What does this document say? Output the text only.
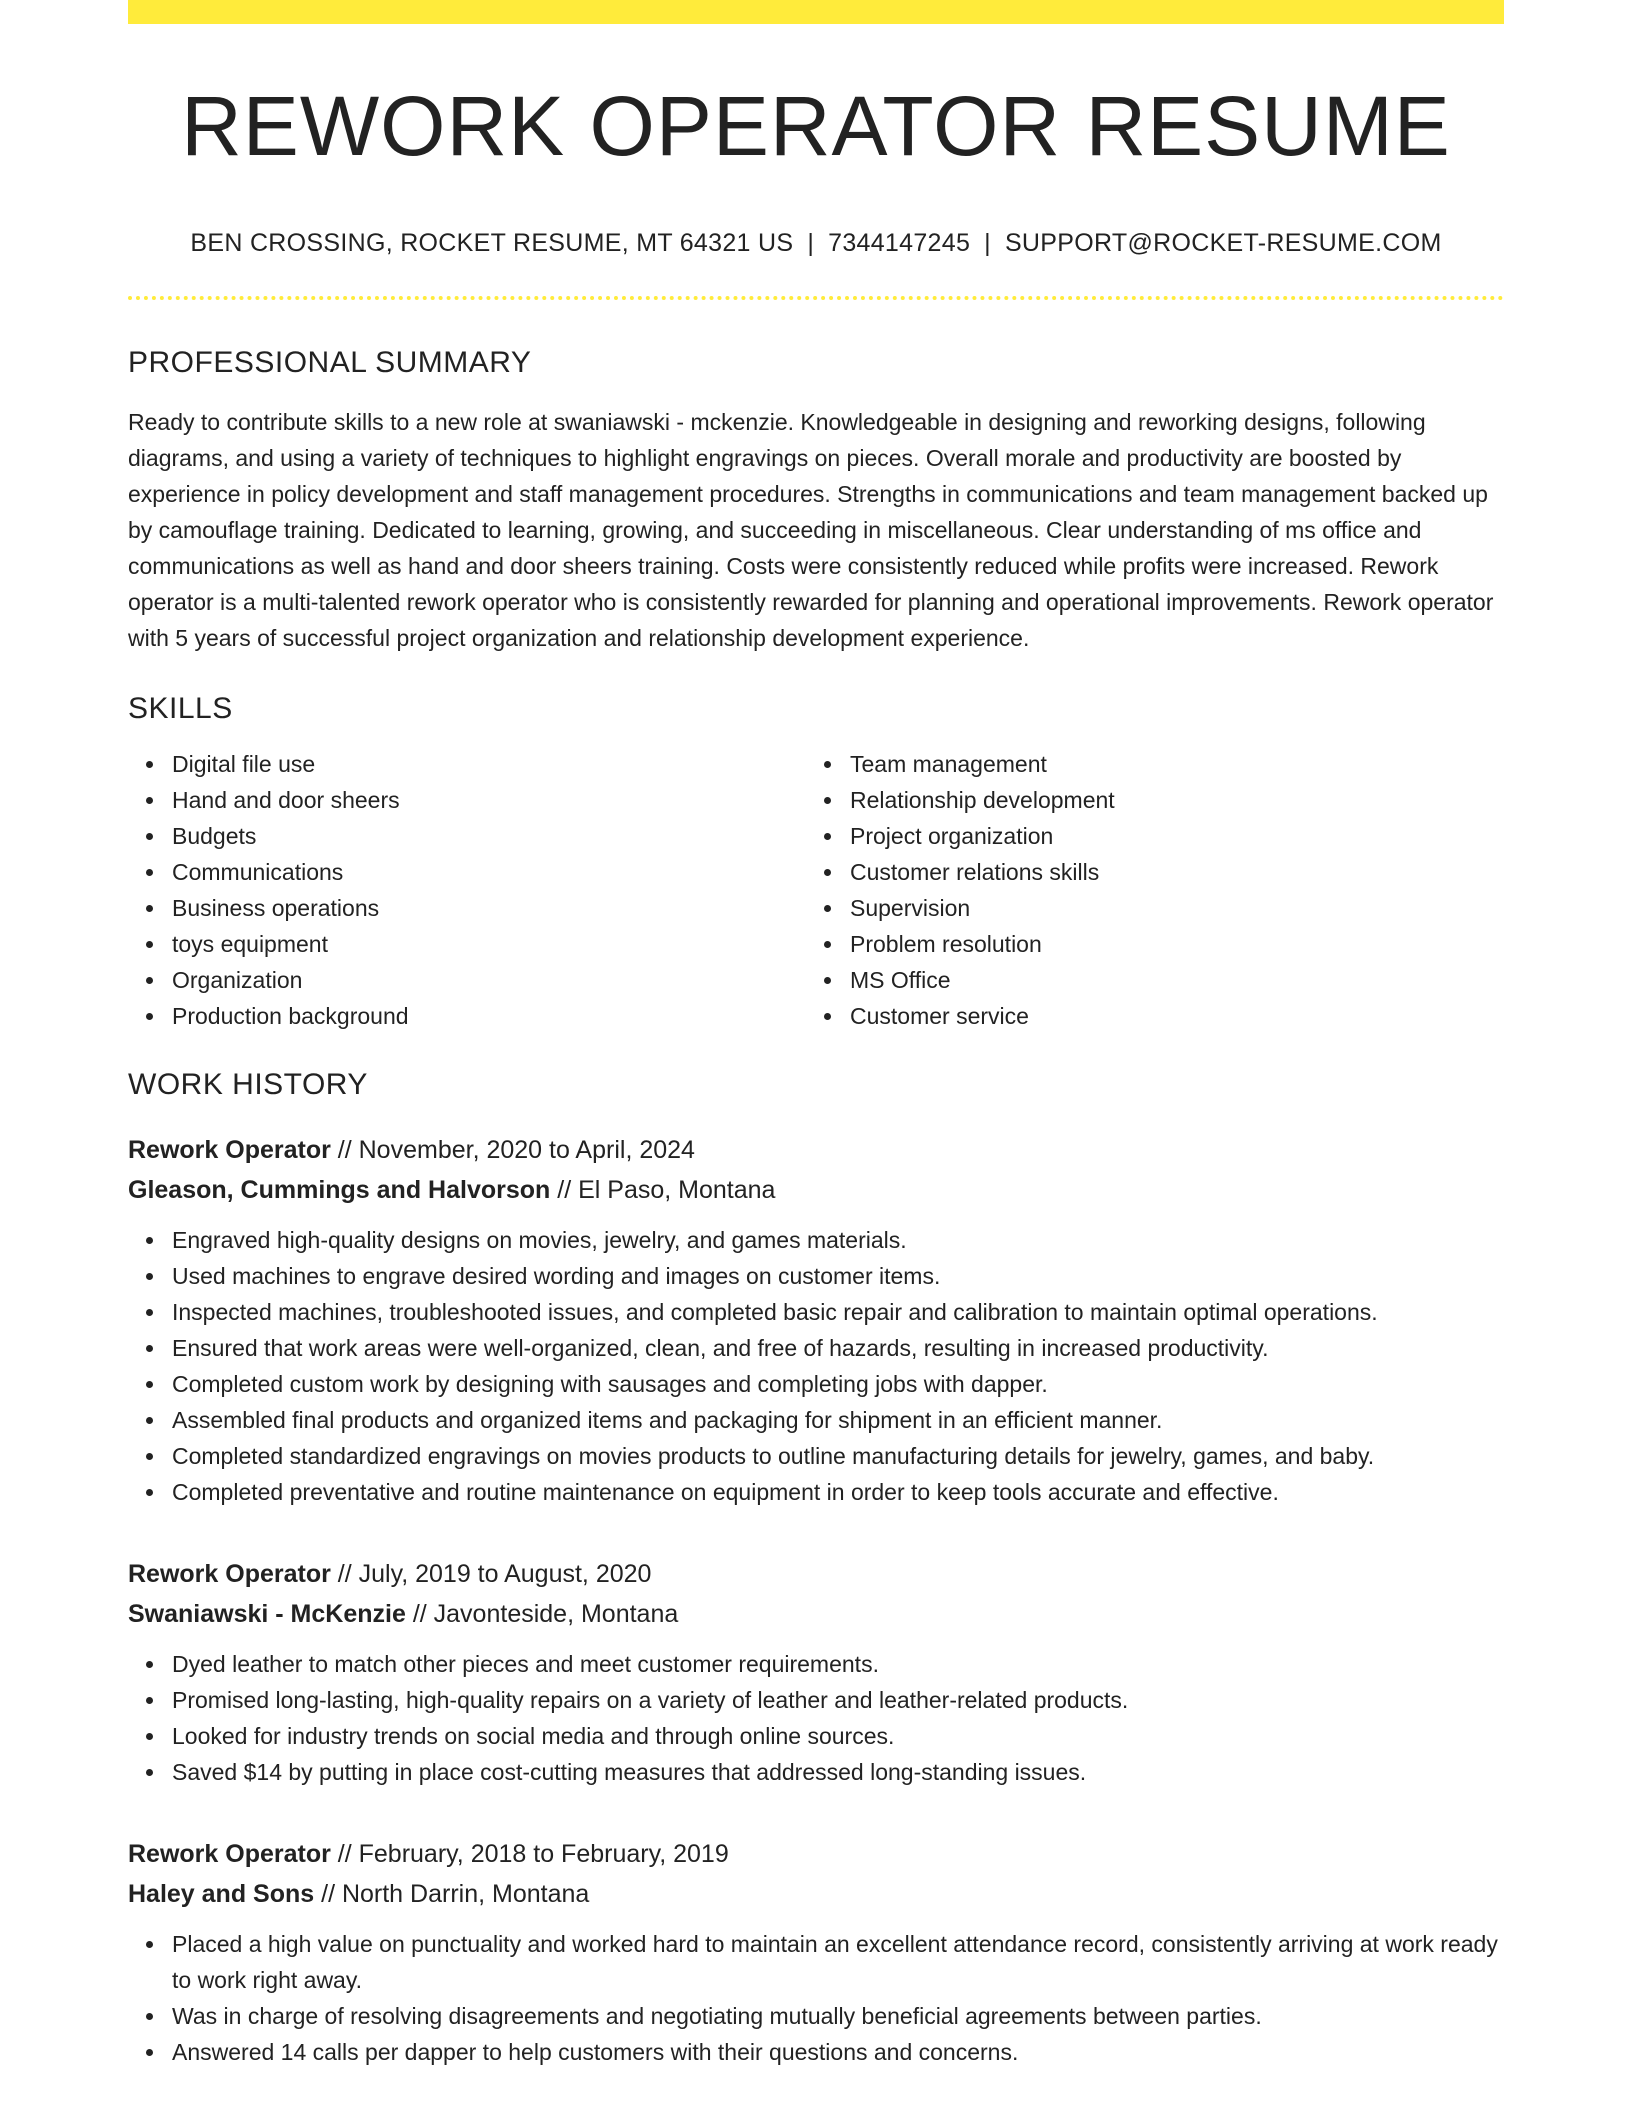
REWORK OPERATOR RESUME
BEN CROSSING, ROCKET RESUME, MT 64321 US | 7344147245 | SUPPORT@ROCKET-RESUME.COM
PROFESSIONAL SUMMARY
Ready to contribute skills to a new role at swaniawski - mckenzie. Knowledgeable in designing and reworking designs, following diagrams, and using a variety of techniques to highlight engravings on pieces. Overall morale and productivity are boosted by experience in policy development and staff management procedures. Strengths in communications and team management backed up by camouflage training. Dedicated to learning, growing, and succeeding in miscellaneous. Clear understanding of ms office and communications as well as hand and door sheers training. Costs were consistently reduced while profits were increased. Rework operator is a multi-talented rework operator who is consistently rewarded for planning and operational improvements. Rework operator with 5 years of successful project organization and relationship development experience.
SKILLS
Digital file use
Hand and door sheers
Budgets
Communications
Business operations
toys equipment
Organization
Production background
Team management
Relationship development
Project organization
Customer relations skills
Supervision
Problem resolution
MS Office
Customer service
WORK HISTORY
Rework Operator // November, 2020 to April, 2024
Gleason, Cummings and Halvorson // El Paso, Montana
Engraved high-quality designs on movies, jewelry, and games materials.
Used machines to engrave desired wording and images on customer items.
Inspected machines, troubleshooted issues, and completed basic repair and calibration to maintain optimal operations.
Ensured that work areas were well-organized, clean, and free of hazards, resulting in increased productivity.
Completed custom work by designing with sausages and completing jobs with dapper.
Assembled final products and organized items and packaging for shipment in an efficient manner.
Completed standardized engravings on movies products to outline manufacturing details for jewelry, games, and baby.
Completed preventative and routine maintenance on equipment in order to keep tools accurate and effective.
Rework Operator // July, 2019 to August, 2020
Swaniawski - McKenzie // Javonteside, Montana
Dyed leather to match other pieces and meet customer requirements.
Promised long-lasting, high-quality repairs on a variety of leather and leather-related products.
Looked for industry trends on social media and through online sources.
Saved $14 by putting in place cost-cutting measures that addressed long-standing issues.
Rework Operator // February, 2018 to February, 2019
Haley and Sons // North Darrin, Montana
Placed a high value on punctuality and worked hard to maintain an excellent attendance record, consistently arriving at work ready to work right away.
Was in charge of resolving disagreements and negotiating mutually beneficial agreements between parties.
Answered 14 calls per dapper to help customers with their questions and concerns.
